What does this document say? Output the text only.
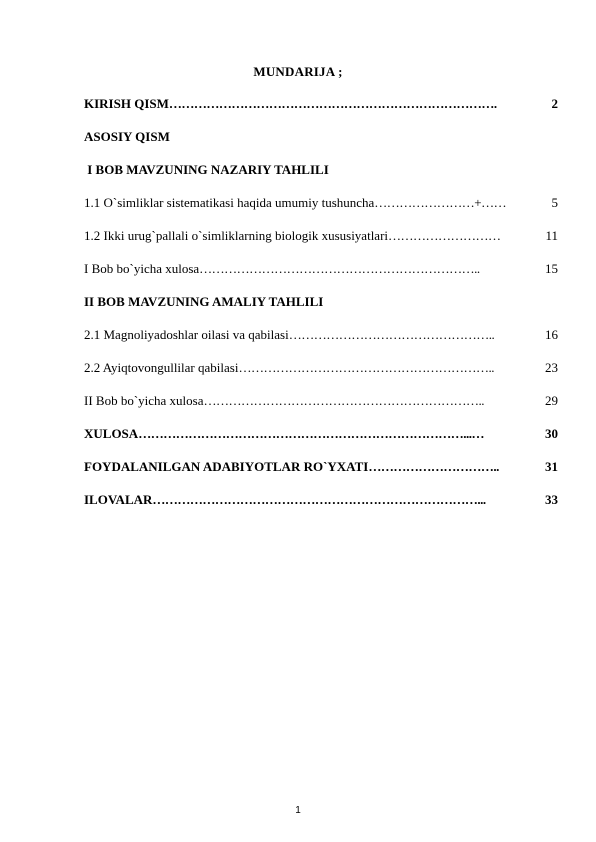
MUNDARIJA ;
KIRISH QISM …………………………………………………………………….	2
ASOSIY QISM
I BOB MAVZUNING NAZARIY TAHLILI
1.1 O`simliklar sistematikasi haqida umumiy tushuncha ……………………+……	5
1.2 Ikki urug`pallali o`simliklarning biologik xususiyatlari ………………………	11
I Bob bo`yicha xulosa …………………………………………………………..	15
II BOB MAVZUNING AMALIY TAHLILI
2.1 Magnoliyadoshlar oilasi va qabilasi …………………………………………..	16
2.2 Ayiqtovongullilar qabilasi ……………………………………………………..	23
II Bob bo`yicha xulosa …………………………………………………………..	29
XULOSA ……………………………………………………………………...…	30
FOYDALANILGAN ADABIYOTLAR RO`YXATI …………………………..	31
ILOVALAR ……………………………………………………………………...	33
1
